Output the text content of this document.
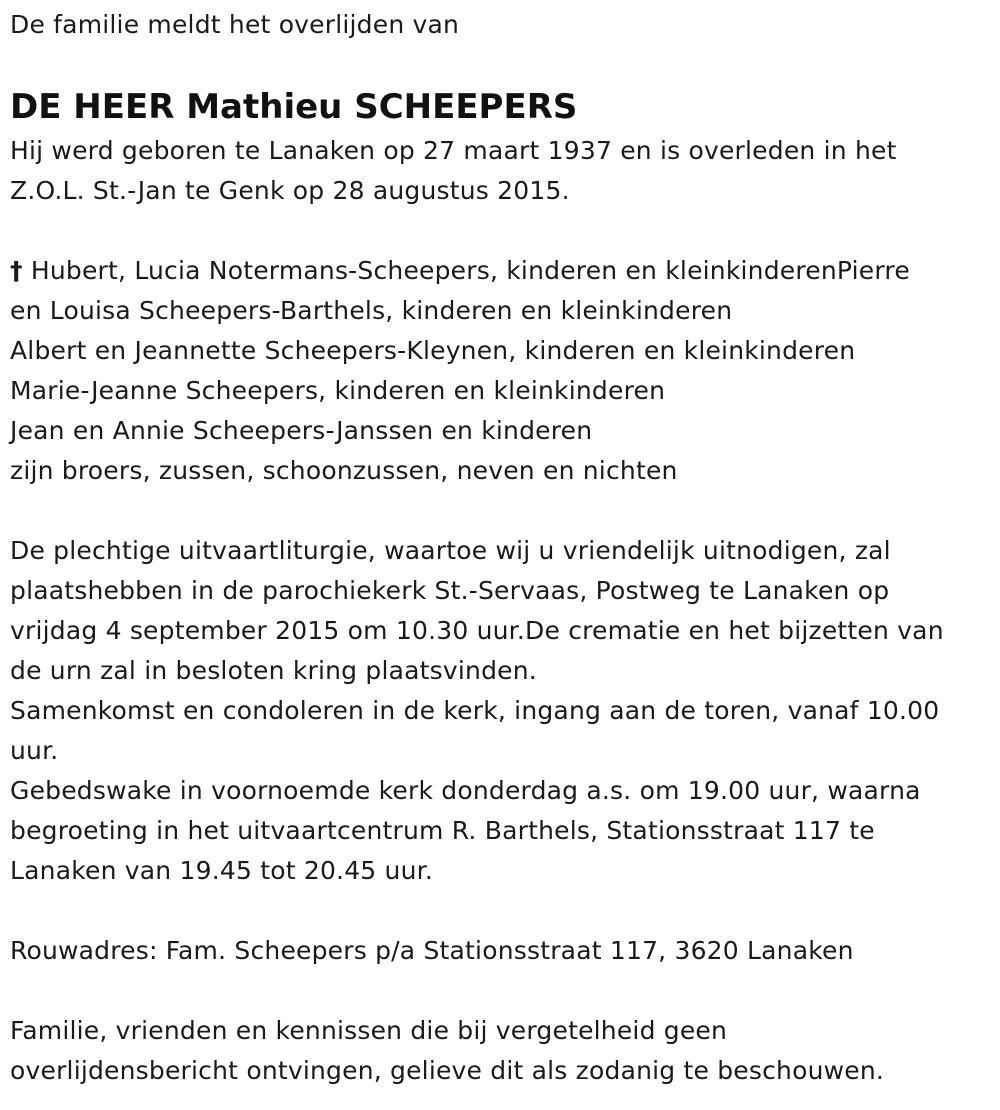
De familie meldt het overlijden van
DE HEER Mathieu SCHEEPERS
Hij werd geboren te Lanaken op 27 maart 1937 en is overleden in het
Z.O.L. St.-Jan te Genk op 28 augustus 2015.
† Hubert, Lucia Notermans-Scheepers, kinderen en kleinkinderenPierre
en Louisa Scheepers-Barthels, kinderen en kleinkinderen
Albert en Jeannette Scheepers-Kleynen, kinderen en kleinkinderen
Marie-Jeanne Scheepers, kinderen en kleinkinderen
Jean en Annie Scheepers-Janssen en kinderen
zijn broers, zussen, schoonzussen, neven en nichten
De plechtige uitvaartliturgie, waartoe wij u vriendelijk uitnodigen, zal
plaatshebben in de parochiekerk St.-Servaas, Postweg te Lanaken op
vrijdag 4 september 2015 om 10.30 uur.De crematie en het bijzetten van
de urn zal in besloten kring plaatsvinden.
Samenkomst en condoleren in de kerk, ingang aan de toren, vanaf 10.00
uur.
Gebedswake in voornoemde kerk donderdag a.s. om 19.00 uur, waarna
begroeting in het uitvaartcentrum R. Barthels, Stationsstraat 117 te
Lanaken van 19.45 tot 20.45 uur.
Rouwadres: Fam. Scheepers p/a Stationsstraat 117, 3620 Lanaken
Familie, vrienden en kennissen die bij vergetelheid geen
overlijdensbericht ontvingen, gelieve dit als zodanig te beschouwen.
